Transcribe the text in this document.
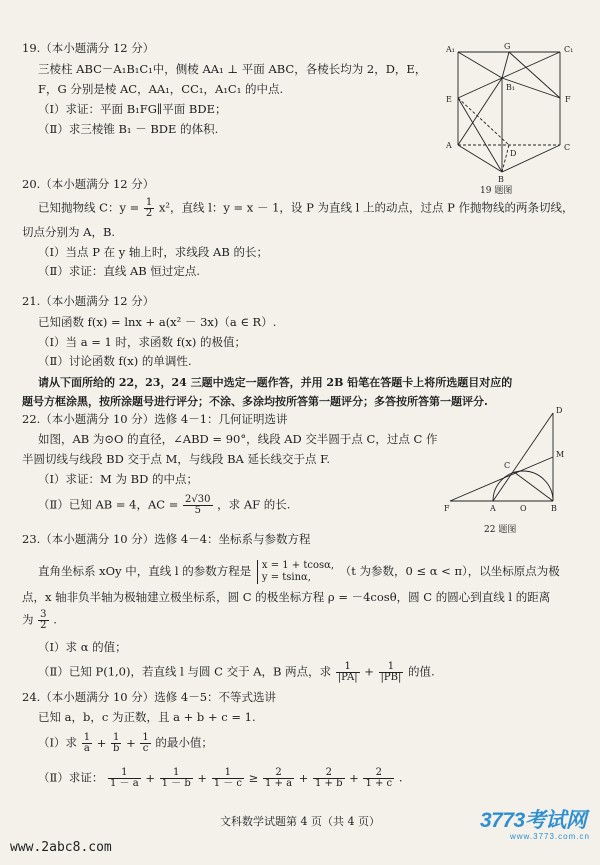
19.（本小题满分 12 分）
三棱柱 ABC－A₁B₁C₁中，侧棱 AA₁ ⊥ 平面 ABC，各棱长均为 2，D，E，
F，G 分别是棱 AC，AA₁，CC₁，A₁C₁ 的中点.
（Ⅰ）求证：平面 B₁FG∥平面 BDE；
（Ⅱ）求三棱锥 B₁ － BDE 的体积.
A₁	G	C₁
B₁
E	F
A
D
C
B
19 题图
20.（本小题满分 12 分）
已知抛物线 C：$y = \frac{1}{2} x^2$，直线 l：y = x － 1，设 P 为直线 l 上的动点，过点 P 作抛物线的两条切线，
切点分别为 A，B.
（Ⅰ）当点 P 在 y 轴上时，求线段 AB 的长；
（Ⅱ）求证：直线 AB 恒过定点.
21.（本小题满分 12 分）
已知函数 f(x) = lnx + a(x² － 3x)（a ∈ R）.
（Ⅰ）当 a = 1 时，求函数 f(x) 的极值；
（Ⅱ）讨论函数 f(x) 的单调性.
请从下面所给的 22，23，24 三题中选定一题作答，并用 2B 铅笔在答题卡上将所选题目对应的
题号方框涂黑，按所涂题号进行评分；不涂、多涂均按所答第一题评分；多答按所答第一题评分.
22.（本小题满分 10 分）选修 4－1：几何证明选讲
如图，AB 为⊙O 的直径，∠ABD = 90°，线段 AD 交半圆于点 C，过点 C 作
半圆切线与线段 BD 交于点 M，与线段 BA 延长线交于点 F.
（Ⅰ）求证：M 为 BD 的中点；
（Ⅱ）已知 AB = 4，AC = $\frac{2√30}{5}$ ，求 AF 的长.	F	A	O	B
D
M
C
22 题图
23.（本小题满分 10 分）选修 4－4：坐标系与参数方程
直角坐标系 xOy 中，直线 l 的参数方程是 x = 1 + tcosα,
y = tsinα,	（t 为参数，0 ≤ α < π），以坐标原点为极
点，x 轴非负半轴为极轴建立极坐标系，圆 C 的极坐标方程 ρ = －4cosθ，圆 C 的圆心到直线 l 的距离
为 $\frac{3}{2}$ .
（Ⅰ）求 α 的值；
（Ⅱ）已知 P(1,0)，若直线 l 与圆 C 交于 A，B 两点，求 $\frac{1}{|PA|} + \frac{1}{|PB|}$ 的值.
24.（本小题满分 10 分）选修 4－5：不等式选讲
已知 a，b，c 为正数，且 a + b + c = 1.
（Ⅰ）求 $\frac{1}{a} + \frac{1}{b} + \frac{1}{c}$ 的最小值；
（Ⅱ）求证： $\frac{1}{1 - a} + \frac{1}{1 - b} + \frac{1}{1 - c} \ge \frac{2}{1 + a} + \frac{2}{1 + b} + \frac{2}{1 + c}$ .
文科数学试题第 4 页（共 4 页）
www.2abc8.com
3773考试网
www.3773.com.cn
